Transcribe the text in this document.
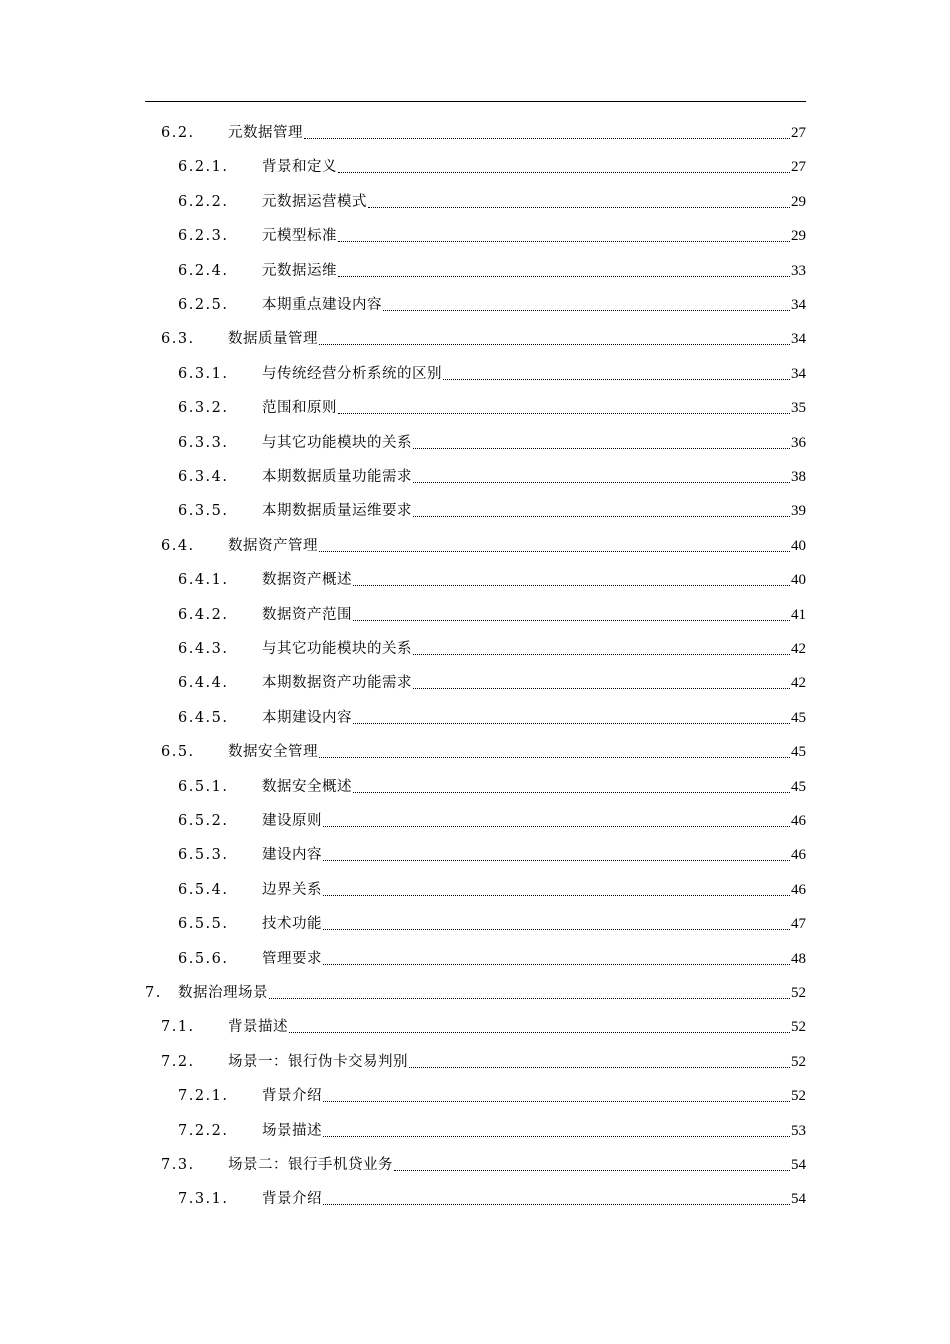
6.2.	元数据管理	27
6.2.1.	背景和定义	27
6.2.2.	元数据运营模式	29
6.2.3.	元模型标准	29
6.2.4.	元数据运维	33
6.2.5.	本期重点建设内容	34
6.3.	数据质量管理	34
6.3.1.	与传统经营分析系统的区别	34
6.3.2.	范围和原则	35
6.3.3.	与其它功能模块的关系	36
6.3.4.	本期数据质量功能需求	38
6.3.5.	本期数据质量运维要求	39
6.4.	数据资产管理	40
6.4.1.	数据资产概述	40
6.4.2.	数据资产范围	41
6.4.3.	与其它功能模块的关系	42
6.4.4.	本期数据资产功能需求	42
6.4.5.	本期建设内容	45
6.5.	数据安全管理	45
6.5.1.	数据安全概述	45
6.5.2.	建设原则	46
6.5.3.	建设内容	46
6.5.4.	边界关系	46
6.5.5.	技术功能	47
6.5.6.	管理要求	48
7.	数据治理场景	52
7.1.	背景描述	52
7.2.	场景一：银行伪卡交易判别	52
7.2.1.	背景介绍	52
7.2.2.	场景描述	53
7.3.	场景二：银行手机贷业务	54
7.3.1.	背景介绍	54
